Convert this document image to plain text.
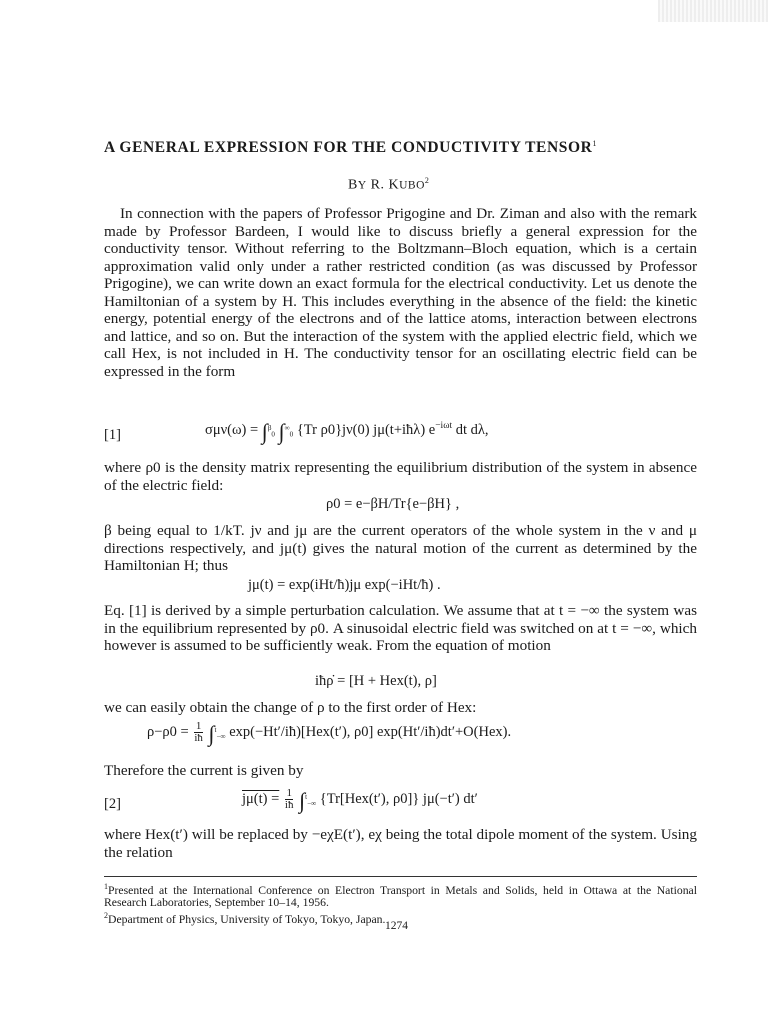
A GENERAL EXPRESSION FOR THE CONDUCTIVITY TENSOR$^1$
BY R. KUBO$^2$

In connection with the papers of Professor Prigogine and Dr. Ziman and also with the remark made by Professor Bardeen, I would like to discuss briefly a general expression for the conductivity tensor. Without referring to the Boltzmann–Bloch equation, which is a certain approximation valid only under a rather restricted condition (as was discussed by Professor Prigogine), we can write down an exact formula for the electrical conductivity. Let us denote the Hamiltonian of a system by H. This includes everything in the absence of the field: the kinetic energy, potential energy of the electrons and of the lattice atoms, interaction between electrons and lattice, and so on. But the interaction of the system with the applied electric field, which we call Hex, is not included in H. The conductivity tensor for an oscillating electric field can be expressed in the form

[1]	σμν(ω) = ∫$^\beta_0$ $\int^\infty_0$ {Tr ρ0}jν(0) jμ(t+iħλ) $e^{-i\omega t}$ dt dλ,

where ρ0 is the density matrix representing the equilibrium distribution of the system in absence of the electric field:

ρ0 = e−βH/Tr{e−βH} ,

β being equal to 1/kT. jν and jμ are the current operators of the whole system in the ν and μ directions respectively, and jμ(t) gives the natural motion of the current as determined by the Hamiltonian H; thus

jμ(t) = exp(iHt/ħ)jμ exp(−iHt/ħ) .

Eq. [1] is derived by a simple perturbation calculation. We assume that at t = −∞ the system was in the equilibrium represented by ρ0. A sinusoidal electric field was switched on at t = −∞, which however is assumed to be sufficiently weak. From the equation of motion

iħρ̇ = [H + Hex(t), ρ]

we can easily obtain the change of ρ to the first order of Hex:

$\rho-\rho 0 = \frac{1}{iħ} \int^t_{-\infty}$ exp(−Ht′/iħ)[Hex(t′), ρ0] exp(Ht′/iħ)dt′+O(Hex).

Therefore the current is given by

[2]	$j\mu(t) = \frac{1}{iħ} \int^t_{-\infty}$ {Tr[Hex(t′), ρ0]} jμ(−t′) dt′

where Hex(t′) will be replaced by −eχE(t′), eχ being the total dipole moment of the system. Using the relation

$^1$Presented at the International Conference on Electron Transport in Metals and Solids, held in Ottawa at the National Research Laboratories, September 10–14, 1956.
$^2$Department of Physics, University of Tokyo, Tokyo, Japan.
1274
